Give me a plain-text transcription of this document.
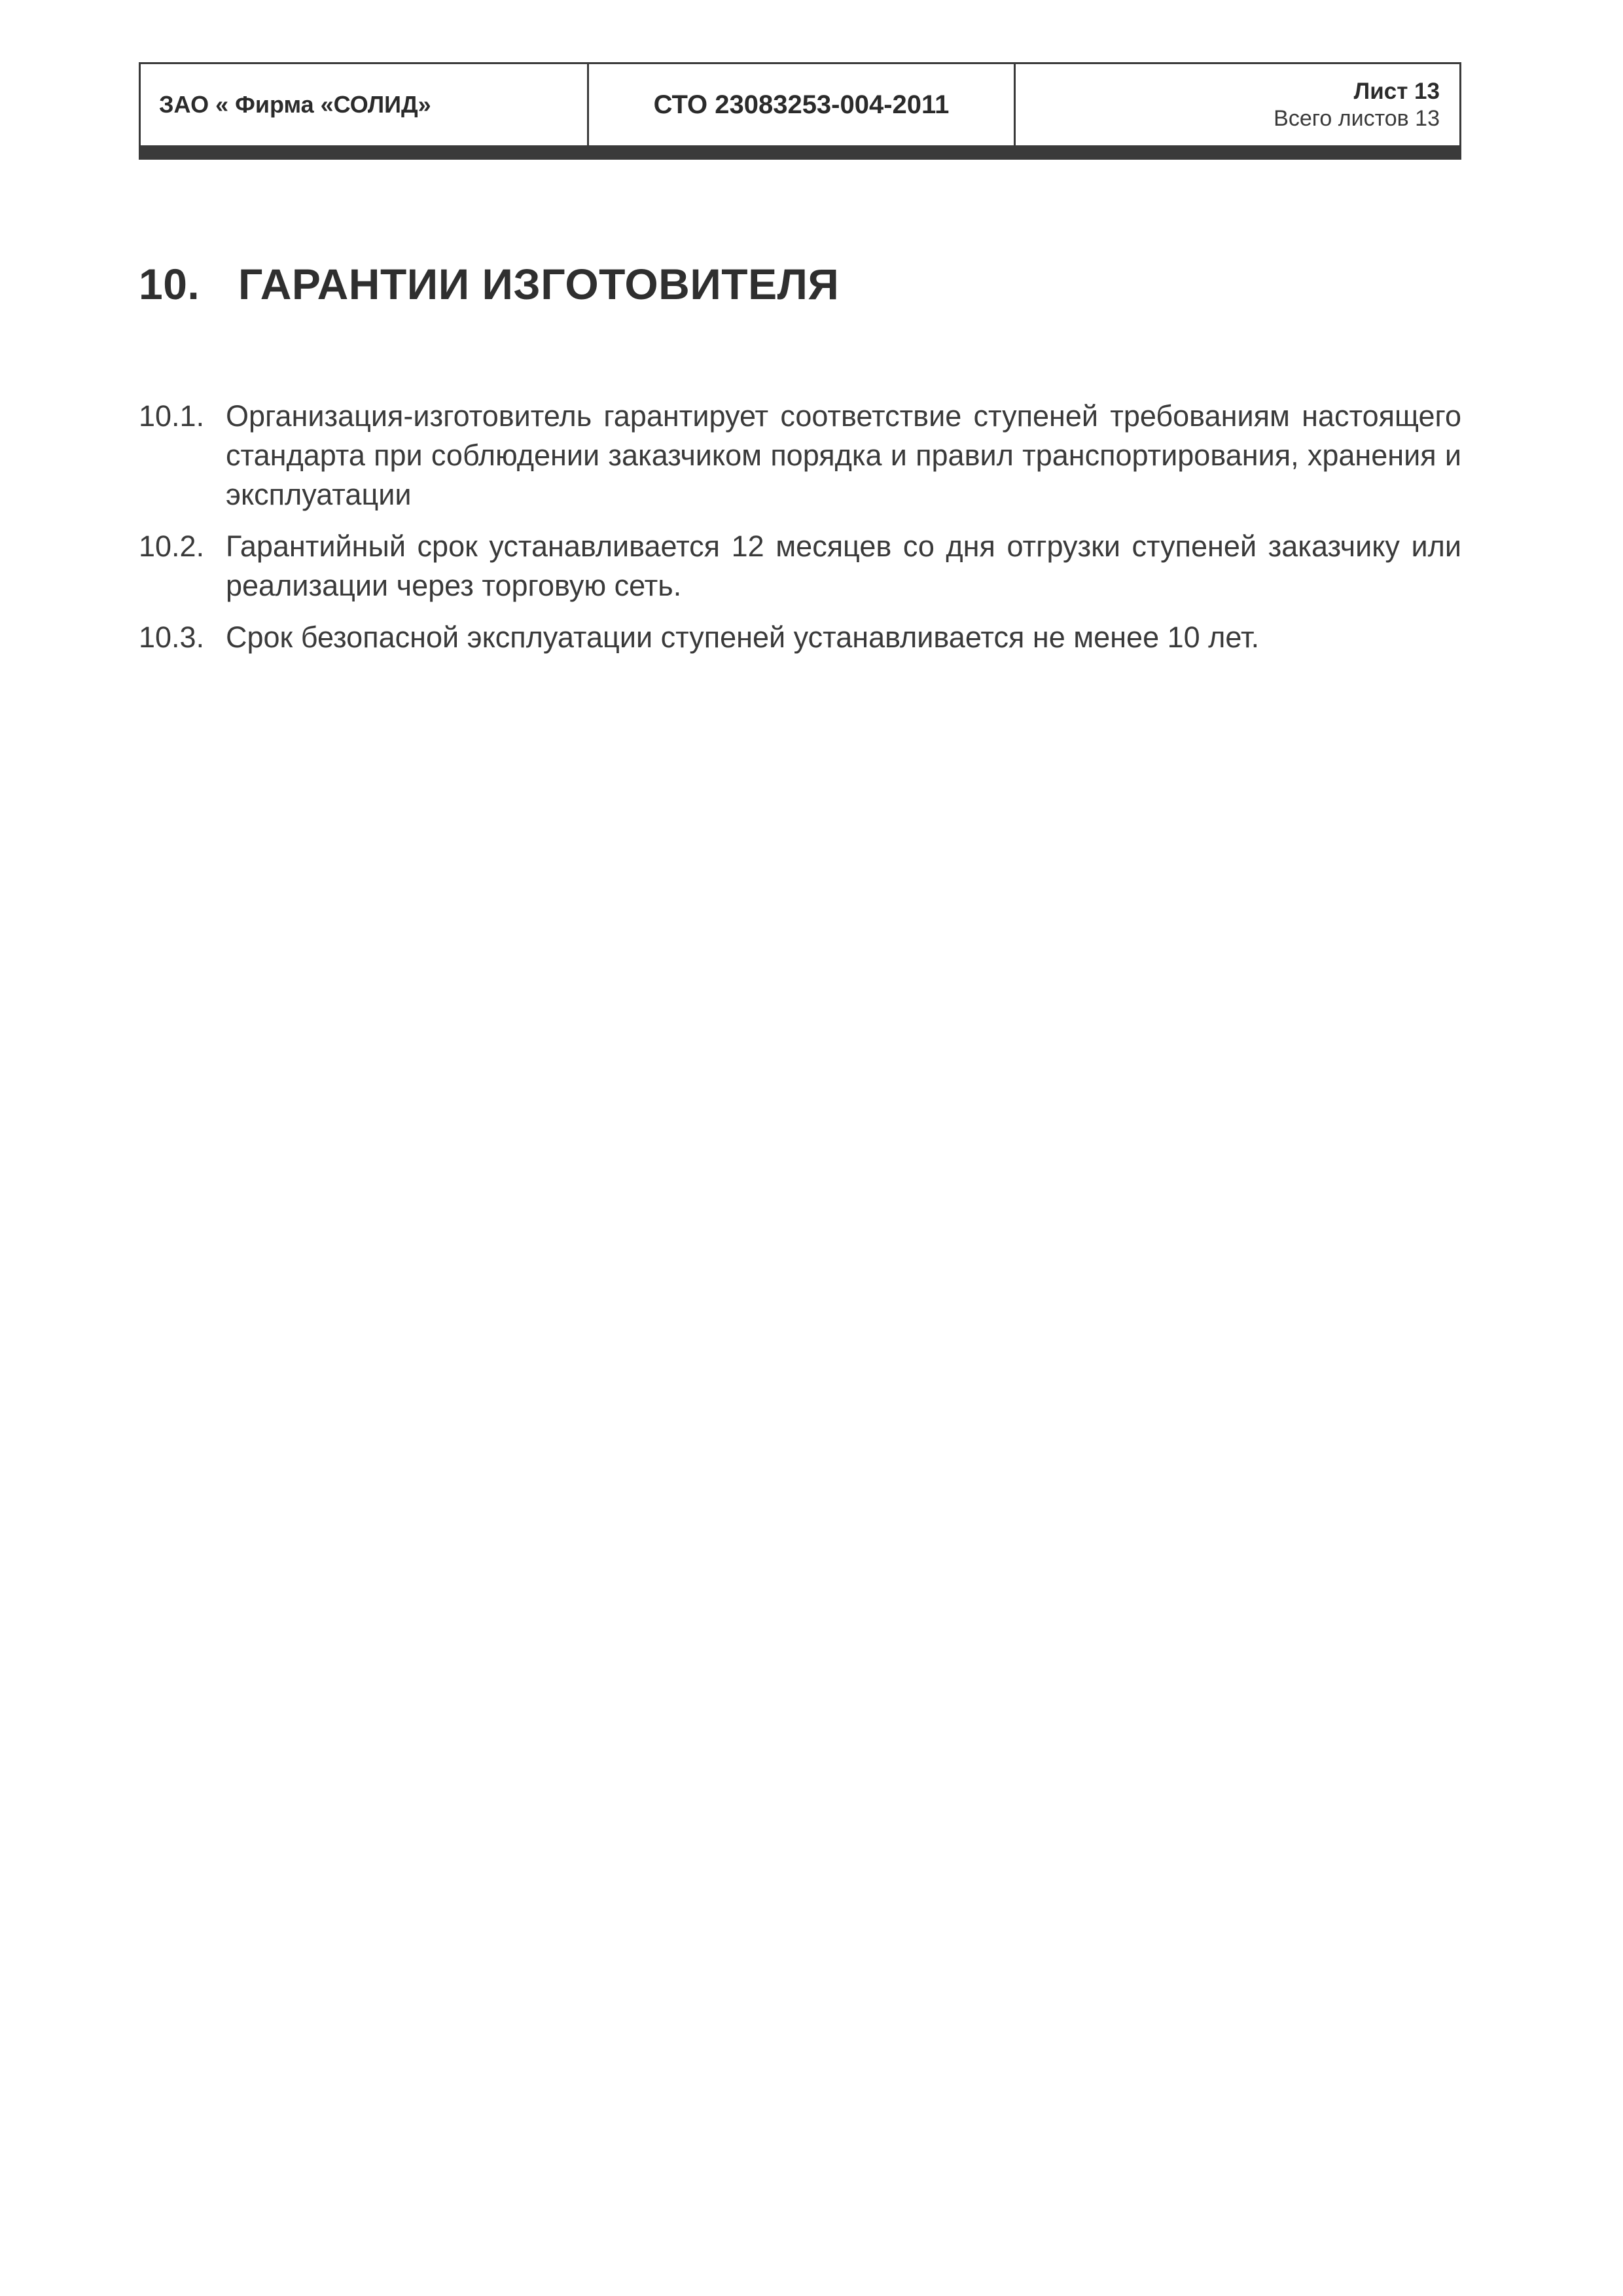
ЗАО « Фирма «СОЛИД»	СТО 23083253-004-2011	Лист 13
Всего листов 13
10. ГАРАНТИИ ИЗГОТОВИТЕЛЯ
10.1. Организация-изготовитель гарантирует соответствие ступеней требованиям настоящего стандарта при соблюдении заказчиком порядка и правил транспортирования, хранения и эксплуатации
10.2. Гарантийный срок устанавливается 12 месяцев со дня отгрузки ступеней заказчику или реализации через торговую сеть.
10.3. Срок безопасной эксплуатации ступеней устанавливается не менее 10 лет.
